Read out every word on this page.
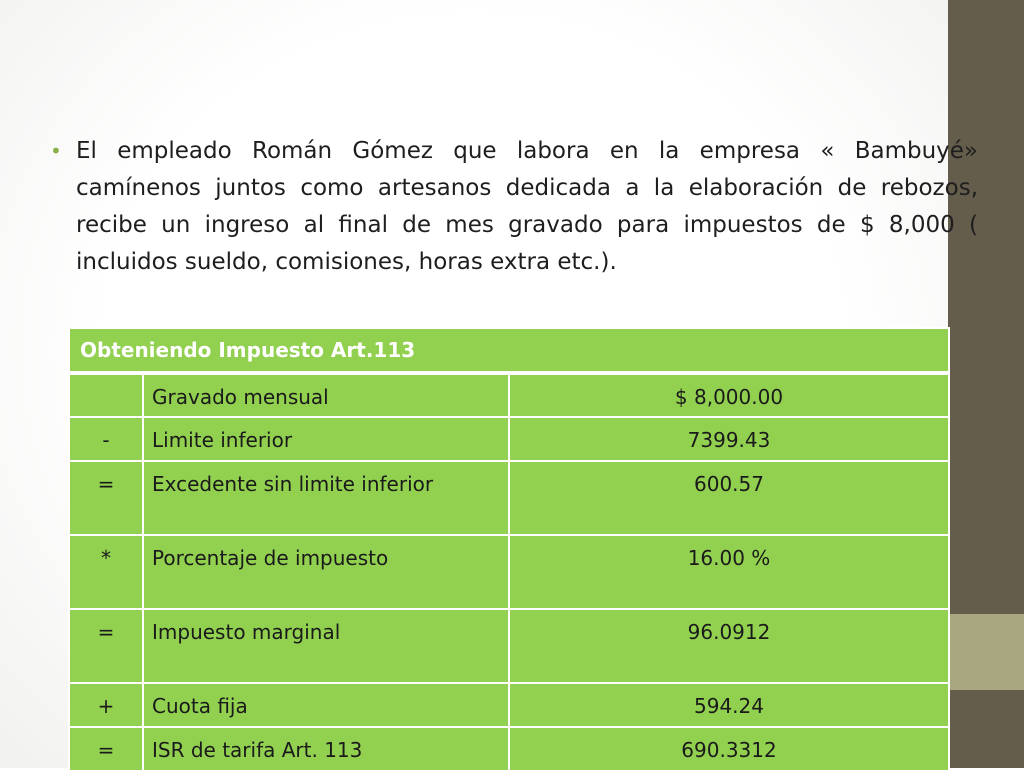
• El empleado Román Gómez que labora en la empresa « Bambuyé» camínenos juntos como artesanos dedicada a la elaboración de rebozos, recibe un ingreso al final de mes gravado para impuestos de $ 8,000 ( incluidos sueldo, comisiones, horas extra etc.).
Obteniendo Impuesto Art.113		
	Gravado mensual	$ 8,000.00
-	Limite inferior	7399.43
=	Excedente sin limite inferior	600.57
*	Porcentaje de impuesto	16.00 %
=	Impuesto marginal	96.0912
+	Cuota fija	594.24
=	ISR de tarifa Art. 113	690.3312
